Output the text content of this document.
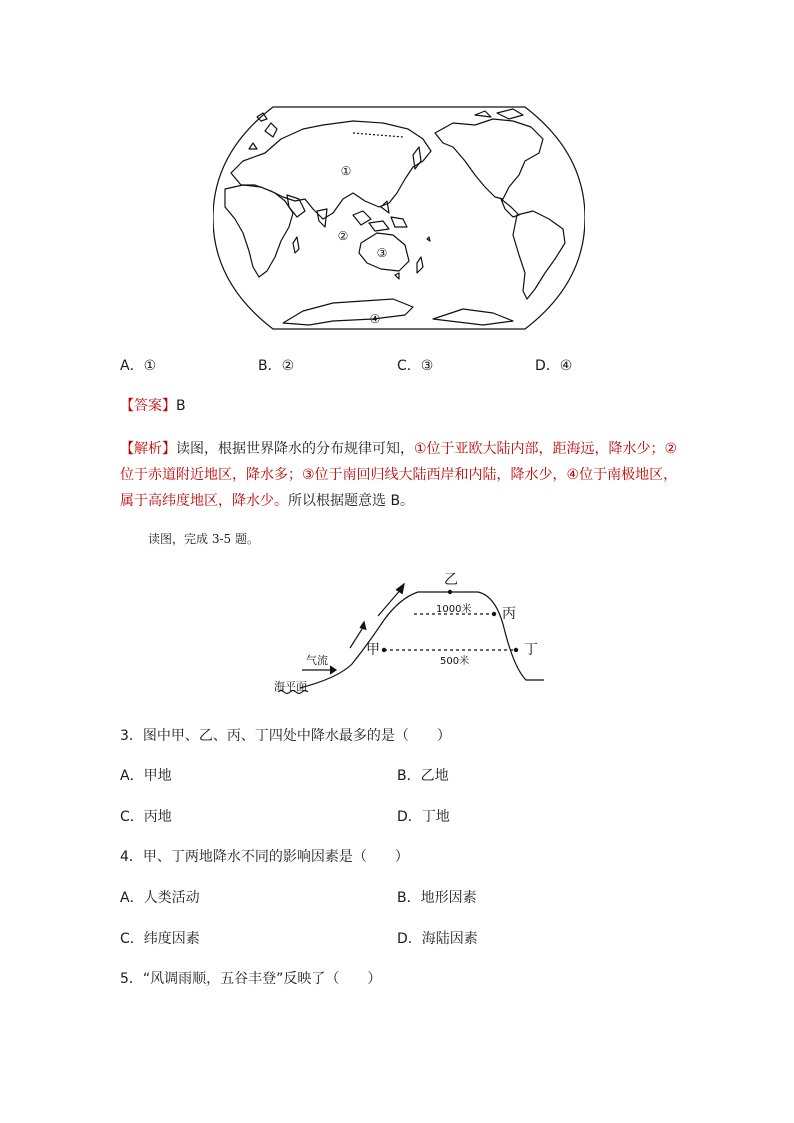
①
②
③
④
A．①	B．②	C．③	D．④
【答案】B
【解析】读图，根据世界降水的分布规律可知，①位于亚欧大陆内部，距海远，降水少；②
位于赤道附近地区，降水多；③位于南回归线大陆西岸和内陆，降水少，④位于南极地区，
属于高纬度地区，降水少。所以根据题意选 B。
读图，完成 3-5 题。
乙
丙
甲	丁
1000米
500米
气流
海平面
3．图中甲、乙、丙、丁四处中降水最多的是（　　）
A．甲地	B．乙地
C．丙地	D．丁地
4．甲、丁两地降水不同的影响因素是（　　）
A．人类活动	B．地形因素
C．纬度因素	D．海陆因素
5．“风调雨顺，五谷丰登”反映了（　　）
